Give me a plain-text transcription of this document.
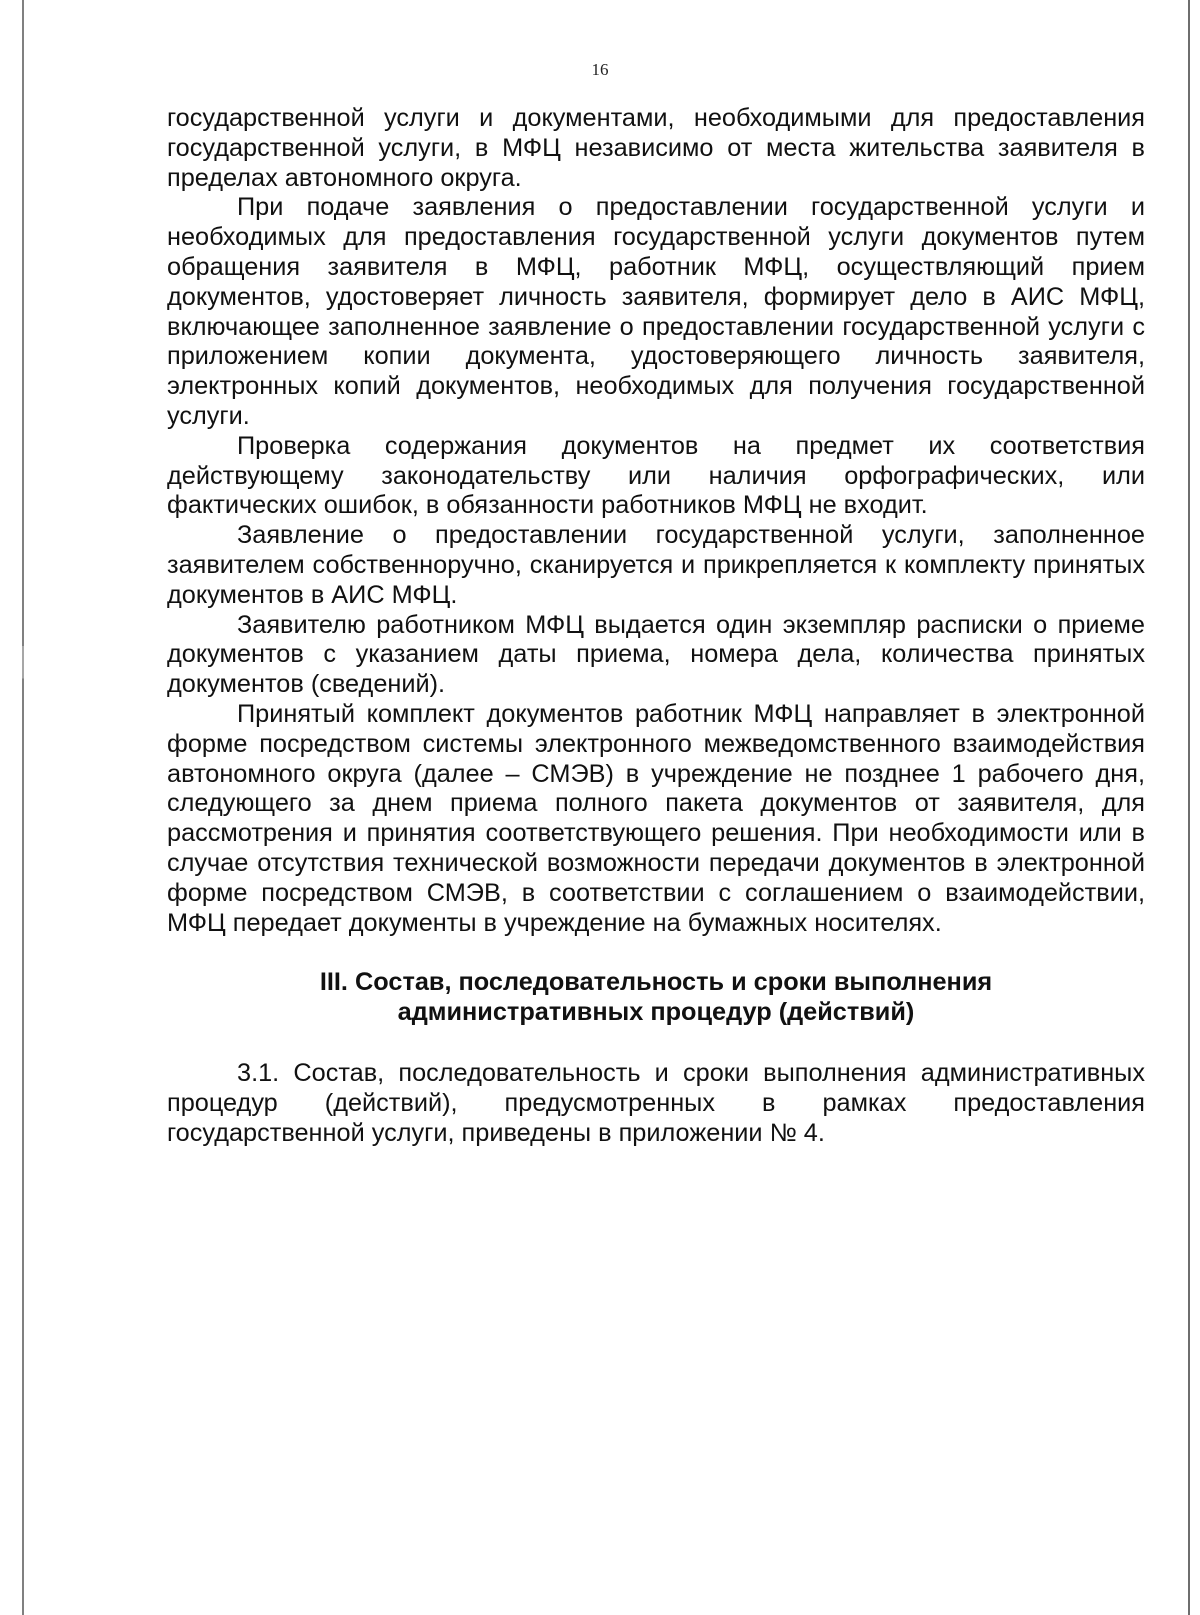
16

государственной услуги и документами, необходимыми для предоставления государственной услуги, в МФЦ независимо от места жительства заявителя в пределах автономного округа.

При подаче заявления о предоставлении государственной услуги и необходимых для предоставления государственной услуги документов путем обращения заявителя в МФЦ, работник МФЦ, осуществляющий прием документов, удостоверяет личность заявителя, формирует дело в АИС МФЦ, включающее заполненное заявление о предоставлении государственной услуги с приложением копии документа, удостоверяющего личность заявителя, электронных копий документов, необходимых для получения государственной услуги.

Проверка содержания документов на предмет их соответствия действующему законодательству или наличия орфографических, или фактических ошибок, в обязанности работников МФЦ не входит.

Заявление о предоставлении государственной услуги, заполненное заявителем собственноручно, сканируется и прикрепляется к комплекту принятых документов в АИС МФЦ.

Заявителю работником МФЦ выдается один экземпляр расписки о приеме документов с указанием даты приема, номера дела, количества принятых документов (сведений).

Принятый комплект документов работник МФЦ направляет в электронной форме посредством системы электронного межведомственного взаимодействия автономного округа (далее – СМЭВ) в учреждение не позднее 1 рабочего дня, следующего за днем приема полного пакета документов от заявителя, для рассмотрения и принятия соответствующего решения. При необходимости или в случае отсутствия технической возможности передачи документов в электронной форме посредством СМЭВ, в соответствии с соглашением о взаимодействии, МФЦ передает документы в учреждение на бумажных носителях.

III. Состав, последовательность и сроки выполнения
административных процедур (действий)

3.1. Состав, последовательность и сроки выполнения административных процедур (действий), предусмотренных в рамках предоставления государственной услуги, приведены в приложении № 4.
